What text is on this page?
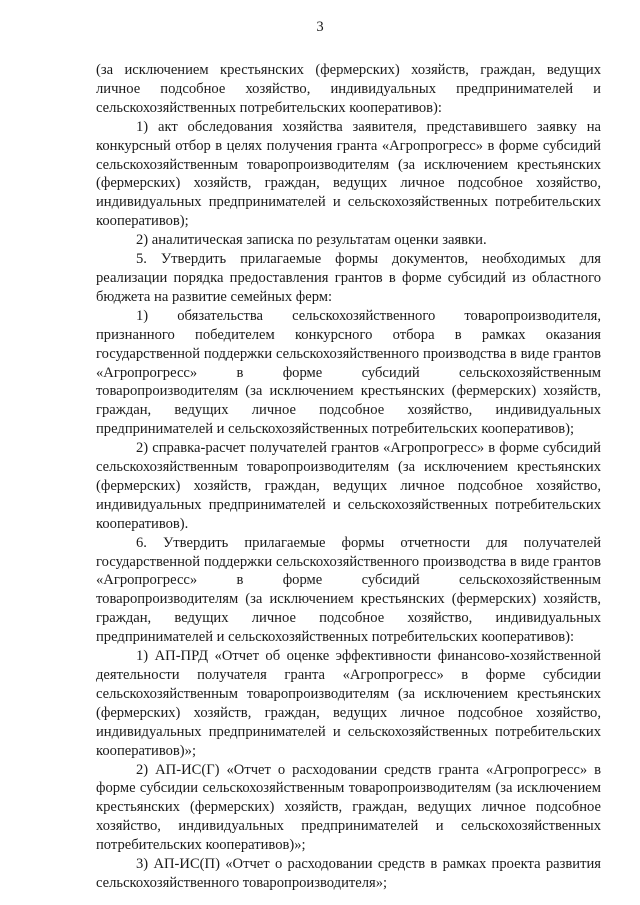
3

(за исключением крестьянских (фермерских) хозяйств, граждан, ведущих личное подсобное хозяйство, индивидуальных предпринимателей и сельскохозяйственных потребительских кооперативов):

1) акт обследования хозяйства заявителя, представившего заявку на конкурсный отбор в целях получения гранта «Агропрогресс» в форме субсидий сельскохозяйственным товаропроизводителям (за исключением крестьянских (фермерских) хозяйств, граждан, ведущих личное подсобное хозяйство, индивидуальных предпринимателей и сельскохозяйственных потребительских кооперативов);

2) аналитическая записка по результатам оценки заявки.

5. Утвердить прилагаемые формы документов, необходимых для реализации порядка предоставления грантов в форме субсидий из областного бюджета на развитие семейных ферм:

1) обязательства сельскохозяйственного товаропроизводителя, признанного победителем конкурсного отбора в рамках оказания государственной поддержки сельскохозяйственного производства в виде грантов «Агропрогресс» в форме субсидий сельскохозяйственным товаропроизводителям (за исключением крестьянских (фермерских) хозяйств, граждан, ведущих личное подсобное хозяйство, индивидуальных предпринимателей и сельскохозяйственных потребительских кооперативов);

2) справка-расчет получателей грантов «Агропрогресс» в форме субсидий сельскохозяйственным товаропроизводителям (за исключением крестьянских (фермерских) хозяйств, граждан, ведущих личное подсобное хозяйство, индивидуальных предпринимателей и сельскохозяйственных потребительских кооперативов).

6. Утвердить прилагаемые формы отчетности для получателей государственной поддержки сельскохозяйственного производства в виде грантов «Агропрогресс» в форме субсидий сельскохозяйственным товаропроизводителям (за исключением крестьянских (фермерских) хозяйств, граждан, ведущих личное подсобное хозяйство, индивидуальных предпринимателей и сельскохозяйственных потребительских кооперативов):

1) АП-ПРД «Отчет об оценке эффективности финансово-хозяйственной деятельности получателя гранта «Агропрогресс» в форме субсидии сельскохозяйственным товаропроизводителям (за исключением крестьянских (фермерских) хозяйств, граждан, ведущих личное подсобное хозяйство, индивидуальных предпринимателей и сельскохозяйственных потребительских кооперативов)»;

2) АП-ИС(Г) «Отчет о расходовании средств гранта «Агропрогресс» в форме субсидии сельскохозяйственным товаропроизводителям (за исключением крестьянских (фермерских) хозяйств, граждан, ведущих личное подсобное хозяйство, индивидуальных предпринимателей и сельскохозяйственных потребительских кооперативов)»;

3) АП-ИС(П) «Отчет о расходовании средств в рамках проекта развития сельскохозяйственного товаропроизводителя»;
